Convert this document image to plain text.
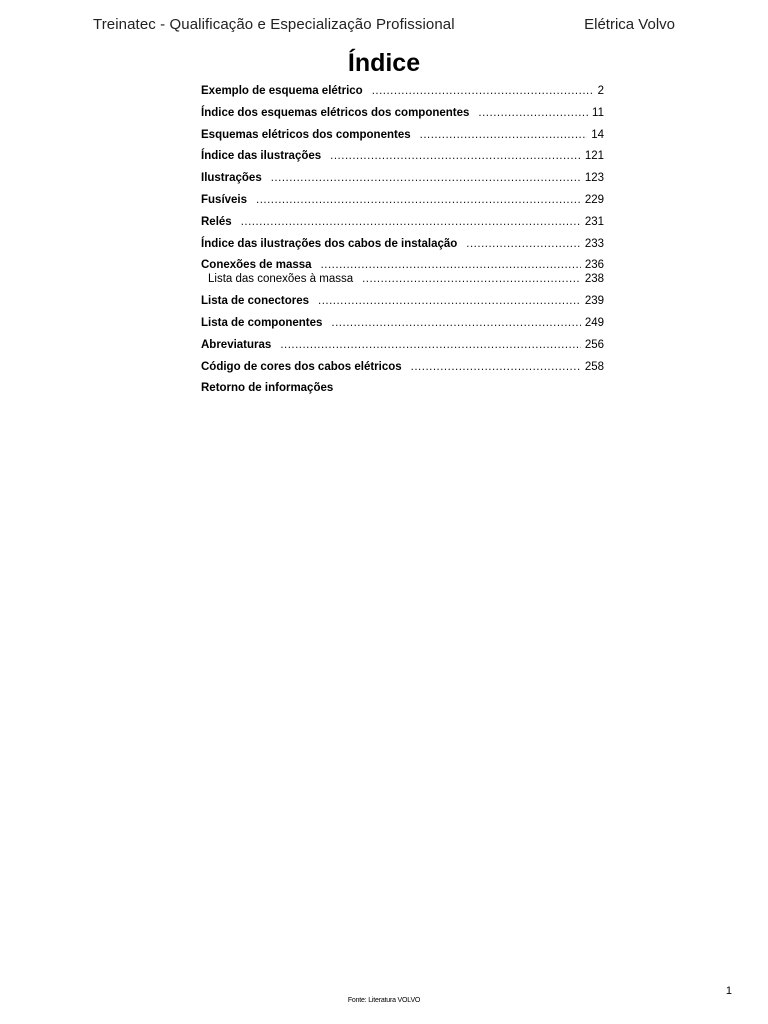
Treinatec - Qualificação e Especialização Profissional	Elétrica Volvo
Índice
Exemplo de esquema elétrico .....	2
Índice dos esquemas elétricos dos componentes .....	11
Esquemas elétricos dos componentes .....	14
Índice das ilustrações .....	121
Ilustrações .....	123
Fusíveis .....	229
Relés .....	231
Índice das ilustrações dos cabos de instalação .....	233
Conexões de massa .....	236
Lista das conexões à massa .....	238
Lista de conectores .....	239
Lista de componentes .....	249
Abreviaturas .....	256
Código de cores dos cabos elétricos .....	258
Retorno de informações
Fonte: Literatura VOLVO
1
